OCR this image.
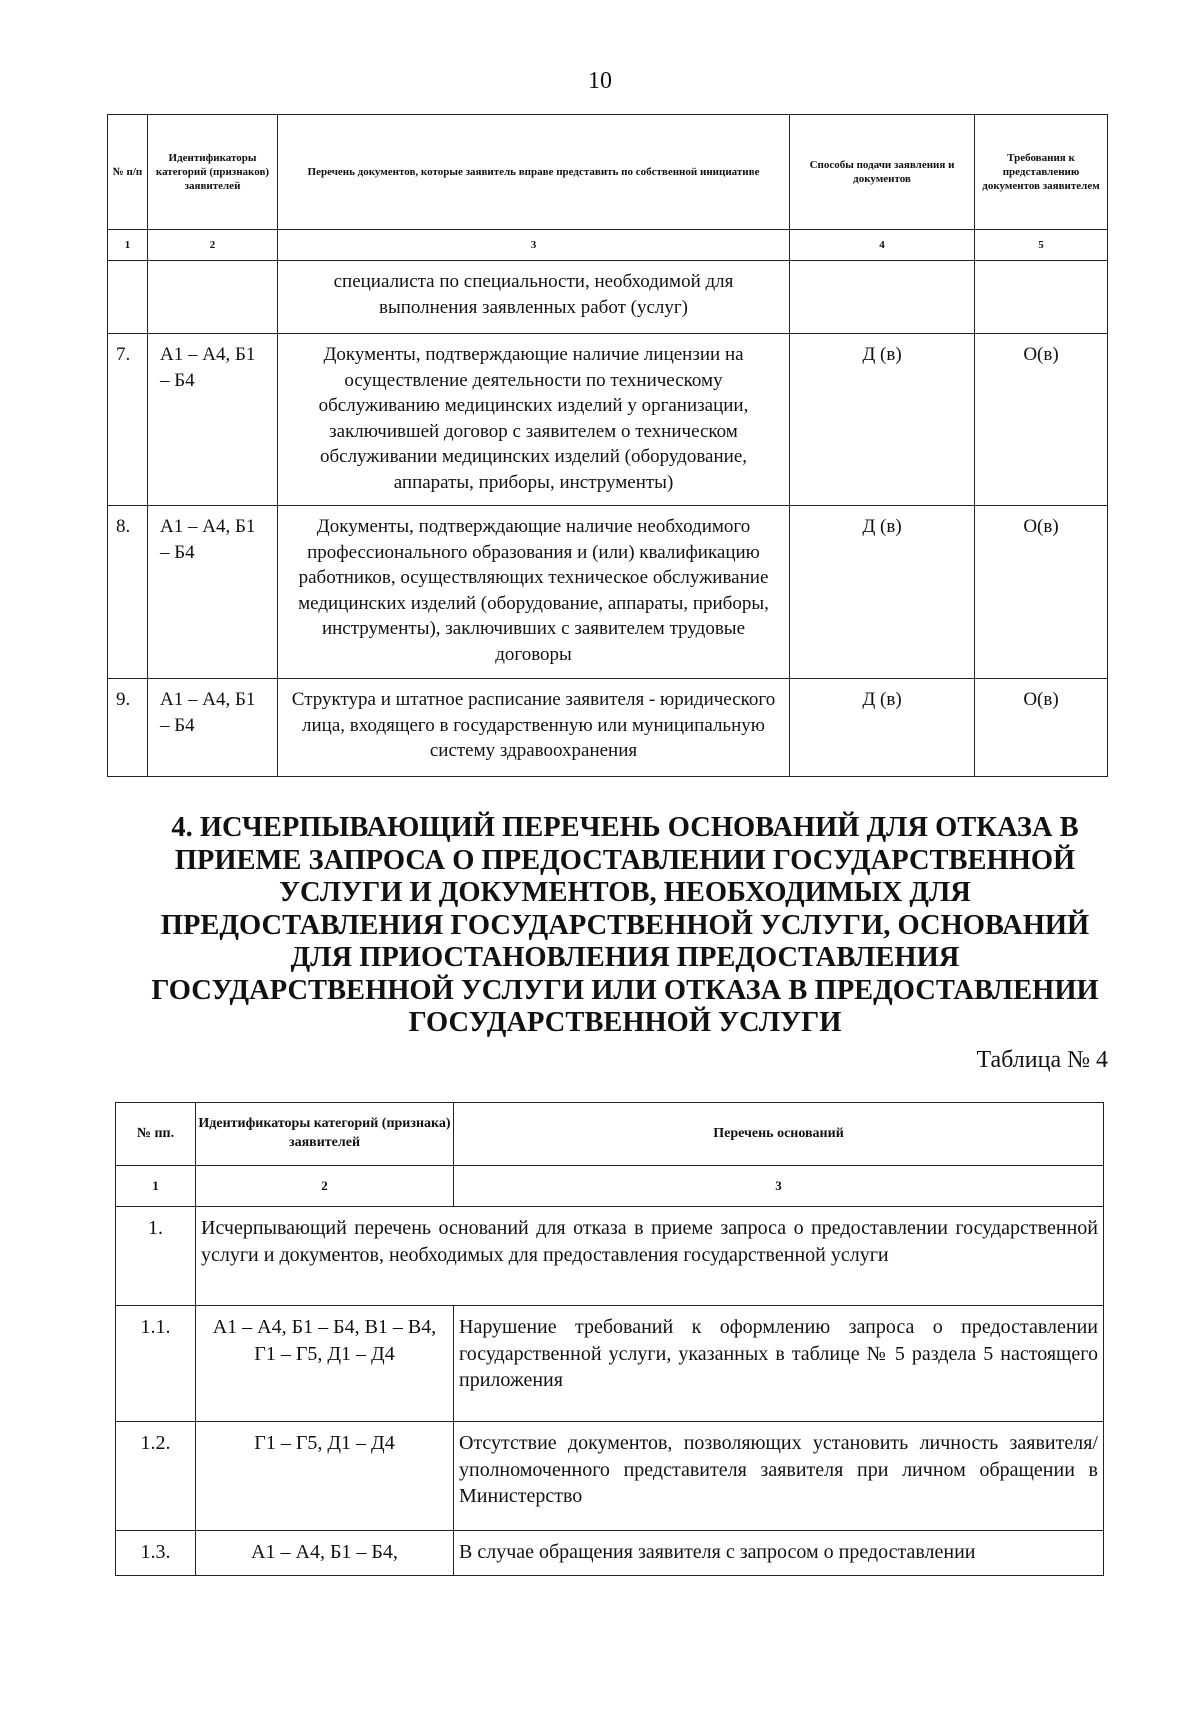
10
№ п/п	Идентификаторы категорий (признаков) заявителей	Перечень документов, которые заявитель вправе представить по собственной инициативе	Способы подачи заявления и документов	Требования к представлению документов заявителем
1	2	3	4	5
		специалиста по специальности, необходимой для выполнения заявленных работ (услуг)		
7.	А1 – А4, Б1 – Б4	Документы, подтверждающие наличие лицензии на осуществление деятельности по техническому обслуживанию медицинских изделий у организации, заключившей договор с заявителем о техническом обслуживании медицинских изделий (оборудование, аппараты, приборы, инструменты)	Д (в)	О(в)
8.	А1 – А4, Б1 – Б4	Документы, подтверждающие наличие необходимого профессионального образования и (или) квалификацию работников, осуществляющих техническое обслуживание медицинских изделий (оборудование, аппараты, приборы, инструменты), заключивших с заявителем трудовые договоры	Д (в)	О(в)
9.	А1 – А4, Б1 – Б4	Структура и штатное расписание заявителя - юридического лица, входящего в государственную или муниципальную систему здравоохранения	Д (в)	О(в)
4. ИСЧЕРПЫВАЮЩИЙ ПЕРЕЧЕНЬ ОСНОВАНИЙ ДЛЯ ОТКАЗА В ПРИЕМЕ ЗАПРОСА О ПРЕДОСТАВЛЕНИИ ГОСУДАРСТВЕННОЙ УСЛУГИ И ДОКУМЕНТОВ, НЕОБХОДИМЫХ ДЛЯ ПРЕДОСТАВЛЕНИЯ ГОСУДАРСТВЕННОЙ УСЛУГИ, ОСНОВАНИЙ ДЛЯ ПРИОСТАНОВЛЕНИЯ ПРЕДОСТАВЛЕНИЯ ГОСУДАРСТВЕННОЙ УСЛУГИ ИЛИ ОТКАЗА В ПРЕДОСТАВЛЕНИИ ГОСУДАРСТВЕННОЙ УСЛУГИ
Таблица № 4
№ пп.	Идентификаторы категорий (признака) заявителей	Перечень оснований
1	2	3
1.	Исчерпывающий перечень оснований для отказа в приеме запроса о предоставлении государственной услуги и документов, необходимых для предоставления государственной услуги	
1.1.	А1 – А4, Б1 – Б4, В1 – В4, Г1 – Г5, Д1 – Д4	Нарушение требований к оформлению запроса о предоставлении государственной услуги, указанных в таблице № 5 раздела 5 настоящего приложения
1.2.	Г1 – Г5, Д1 – Д4	Отсутствие документов, позволяющих установить личность заявителя/уполномоченного представителя заявителя при личном обращении в Министерство
1.3.	А1 – А4, Б1 – Б4,	В случае обращения заявителя с запросом о предоставлении
